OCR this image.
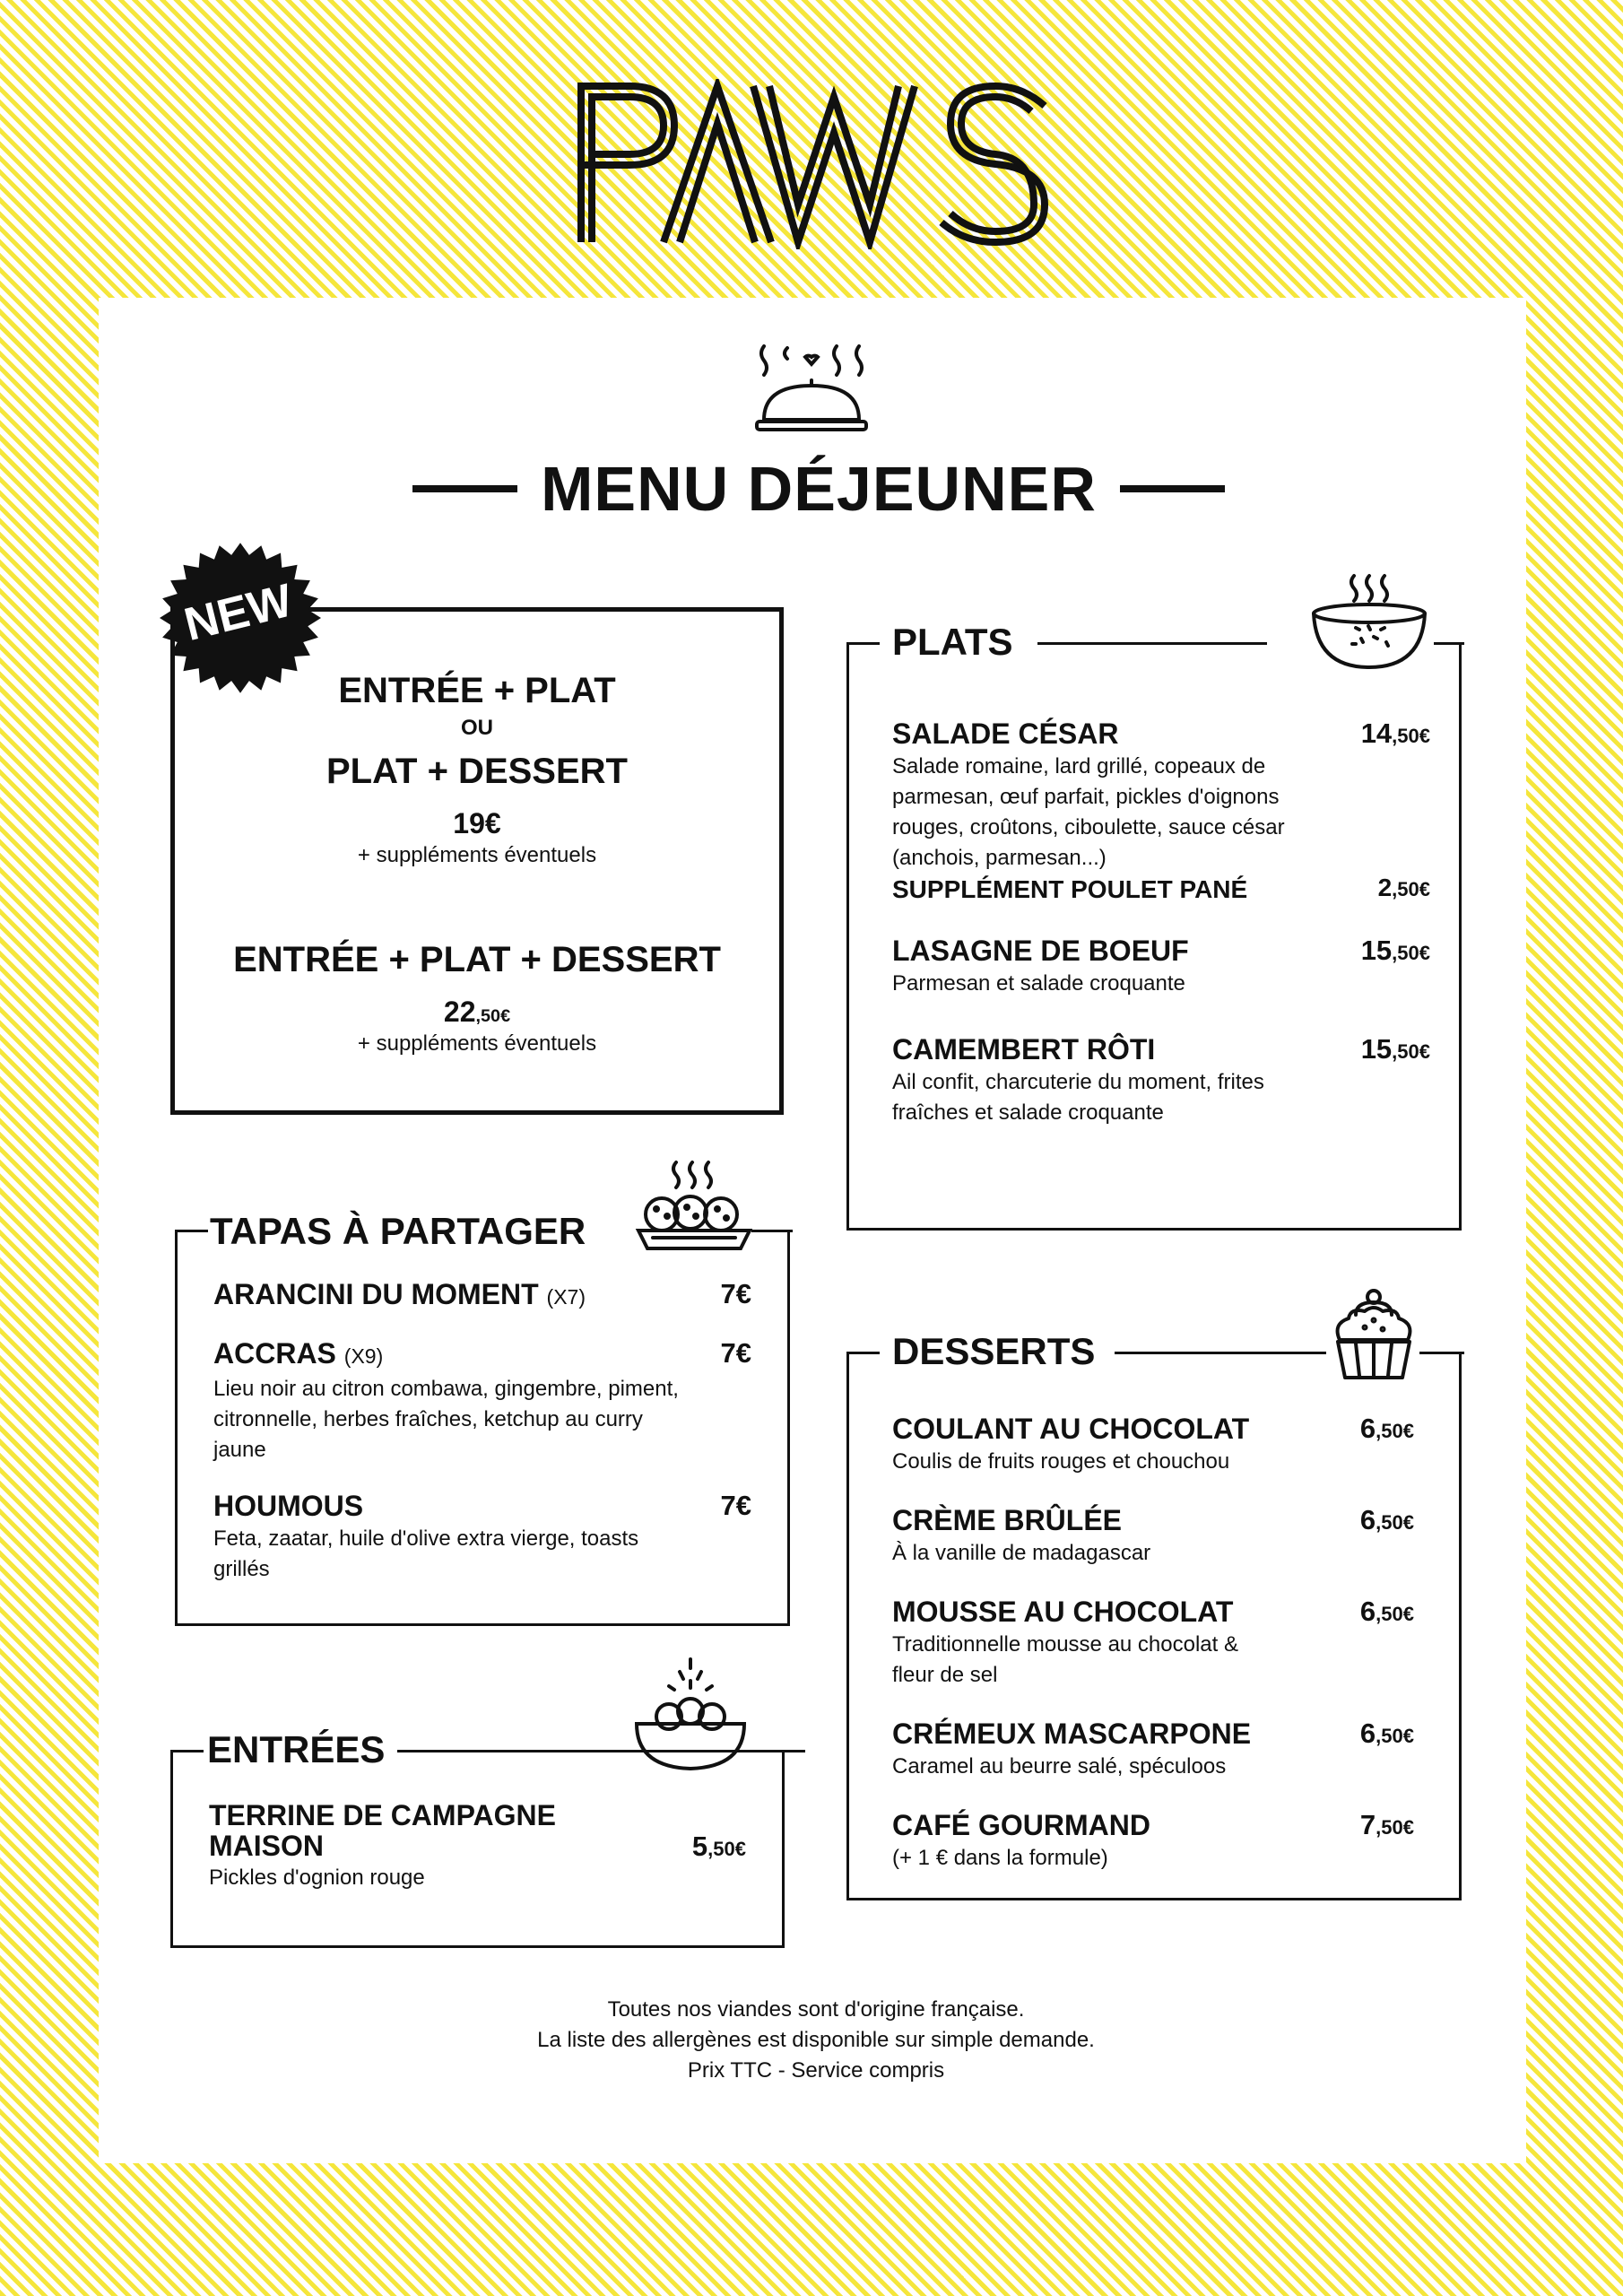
MENU DÉJEUNER
ENTRÉE + PLAT
OU
PLAT + DESSERT
19€
+ suppléments éventuels
ENTRÉE + PLAT + DESSERT
22,50€
+ suppléments éventuels
NEW
TAPAS À PARTAGER
ARANCINI DU MOMENT (X7)	7€
ACCRAS (X9)
Lieu noir au citron combawa, gingembre, piment, citronnelle, herbes fraîches, ketchup au curry jaune
7€
HOUMOUS
Feta, zaatar, huile d'olive extra vierge, toasts grillés
7€
ENTRÉES
TERRINE DE CAMPAGNE
MAISON
Pickles d'ognion rouge
5,50€
PLATS
SALADE CÉSAR
Salade romaine, lard grillé, copeaux de parmesan, œuf parfait, pickles d'oignons rouges, croûtons, ciboulette, sauce césar (anchois, parmesan...)
14,50€
SUPPLÉMENT POULET PANÉ	2,50€
LASAGNE DE BOEUF
Parmesan et salade croquante
15,50€
CAMEMBERT RÔTI
Ail confit, charcuterie du moment, frites fraîches et salade croquante
15,50€
DESSERTS
COULANT AU CHOCOLAT
Coulis de fruits rouges et chouchou
6,50€
CRÈME BRÛLÉE
À la vanille de madagascar
6,50€
MOUSSE AU CHOCOLAT
Traditionnelle mousse au chocolat & fleur de sel
6,50€
CRÉMEUX MASCARPONE
Caramel au beurre salé, spéculoos
6,50€
CAFÉ GOURMAND
(+ 1 € dans la formule)
7,50€
Toutes nos viandes sont d'origine française.
La liste des allergènes est disponible sur simple demande.
Prix TTC - Service compris
